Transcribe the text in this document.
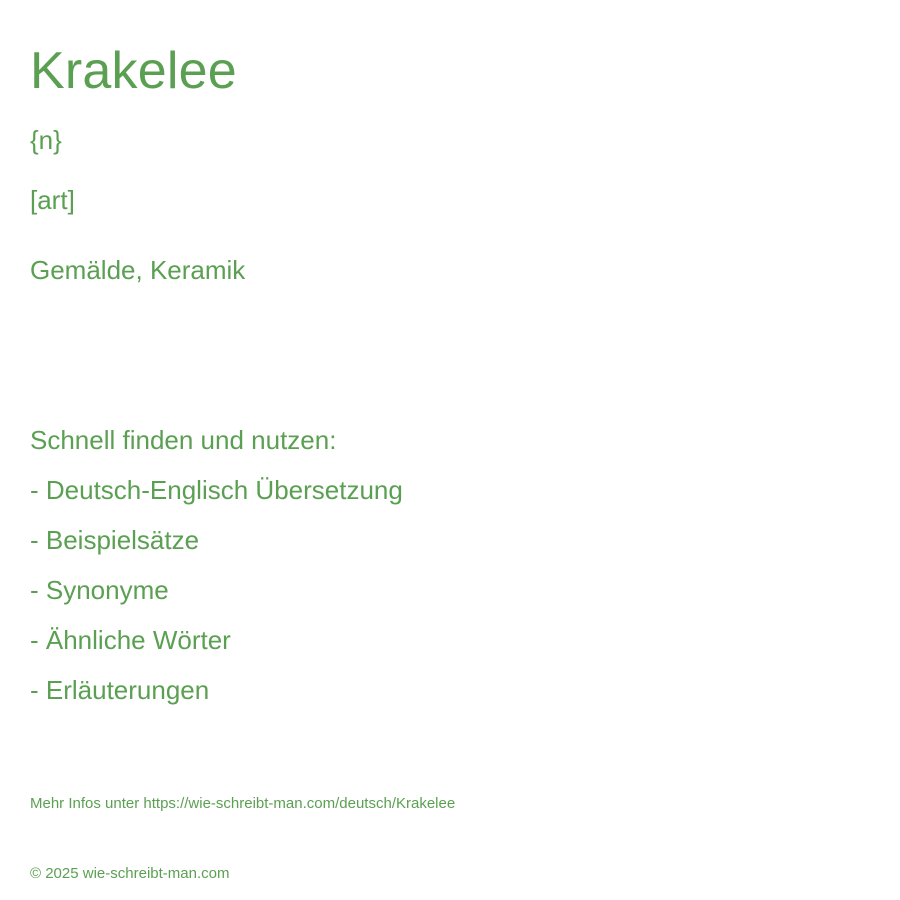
Krakelee
{n}
[art]
Gemälde, Keramik
Schnell finden und nutzen:
- Deutsch-Englisch Übersetzung
- Beispielsätze
- Synonyme
- Ähnliche Wörter
- Erläuterungen
Mehr Infos unter https://wie-schreibt-man.com/deutsch/Krakelee
© 2025 wie-schreibt-man.com
